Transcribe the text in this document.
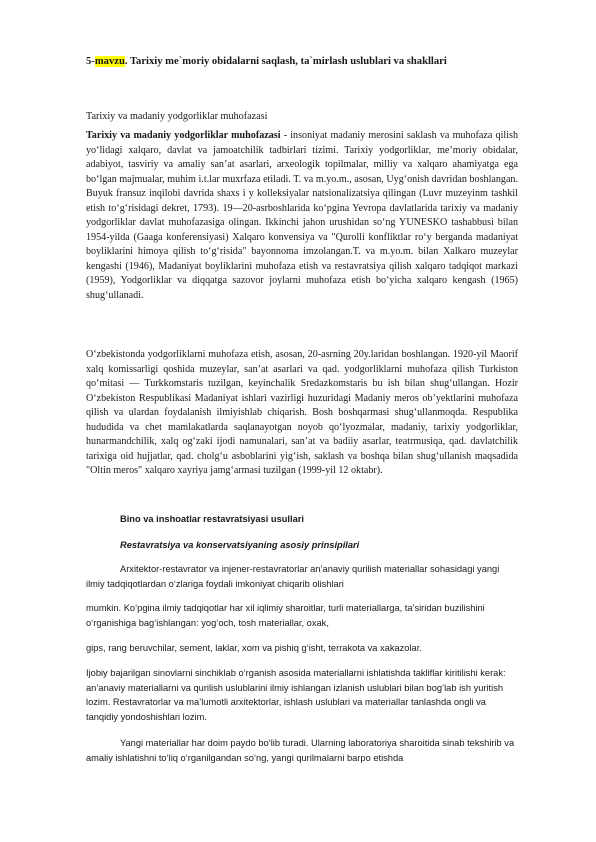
5-mavzu. Tarixiy me`moriy obidalarni saqlash, ta`mirlash uslublari va shakllari
Tarixiy va madaniy yodgorliklar muhofazasi

Tarixiy va madaniy yodgorliklar muhofazasi - insoniyat madaniy merosini saklash va muhofaza qilish yo‘lidagi xalqaro, davlat va jamoatchilik tadbirlari tizimi. Tarixiy yodgorliklar, me’moriy obidalar, adabiyot, tasviriy va amaliy san’at asarlari, arxeologik topilmalar, milliy va xalqaro ahamiyatga ega bo‘lgan majmualar, muhim i.t.lar muxrfaza etiladi. T. va m.yo.m., asosan, Uyg‘onish davridan boshlangan. Buyuk fransuz inqilobi davrida shaxs i y kolleksiyalar natsionalizatsiya qilingan (Luvr muzeyinm tashkil etish to‘g‘risidagi dekret, 1793). 19—20-asrboshlarida ko‘pgina Yevropa davlatlarida tarixiy va madaniy yodgorliklar davlat muhofazasiga olingan. Ikkinchi jahon urushidan so‘ng YUNESKO tashabbusi bilan 1954-yilda (Gaaga konferensiyasi) Xalqaro konvensiya va "Qurolli konfliktlar ro‘y berganda madaniyat boyliklarini himoya qilish to‘g‘risida" bayonnoma imzolangan.T. va m.yo.m. bilan Xalkaro muzeylar kengashi (1946), Madaniyat boyliklarini muhofaza etish va restavratsiya qilish xalqaro tadqiqot markazi (1959), Yodgorliklar va diqqatga sazovor joylarni muhofaza etish bo‘yicha xalqaro kengash (1965) shug‘ullanadi.

O‘zbekistonda yodgorliklarni muhofaza etish, asosan, 20-asrning 20y.laridan boshlangan. 1920-yil Maorif xalq komissarligi qoshida muzeylar, san’at asarlari va qad. yodgorliklarni muhofaza qilish Turkiston qo‘mitasi — Turkkomstaris tuzilgan, keyinchalik Sredazkomstaris bu ish bilan shug‘ullangan. Hozir O‘zbekiston Respublikasi Madaniyat ishlari vazirligi huzuridagi Madaniy meros ob’yektlarini muhofaza qilish va ulardan foydalanish ilmiyishlab chiqarish. Bosh boshqarmasi shug‘ullanmoqda. Respublika hududida va chet mamlakatlarda saqlanayotgan noyob qo‘lyozmalar, madaniy, tarixiy yodgorliklar, hunarmandchilik, xalq og‘zaki ijodi namunalari, san’at va badiiy asarlar, teatrmusiqa, qad. davlatchilik tarixiga oid hujjatlar, qad. cholg‘u asboblarini yig‘ish, saklash va boshqa bilan shug‘ullanish maqsadida "Oltin meros" xalqaro xayriya jamg‘armasi tuzilgan (1999-yil 12 oktabr).

Bino va inshoatlar restavratsiyasi usullari

Restavratsiya va konservatsiyaning asosiy prinsipilari

Arxitektor-restavrator va injener-restavratorlar an’anaviy qurilish materiallar sohasidagi yangi ilmiy tadqiqotlardan o‘zlariga foydali imkoniyat chiqarib olishlari

mumkin. Ko‘pgina ilmiy tadqiqotlar har xil iqlimiy sharoitlar, turli materiallarga, ta’siridan buzilishini o‘rganishiga bag‘ishlangan: yog‘och, tosh materiallar, oxak,

gips, rang beruvchilar, sement, laklar, xom va pishiq g‘isht, terrakota va xakazolar.

Ijobiy bajarilgan sinovlarni sinchiklab o‘rganish asosida materiallarni ishlatishda takliflar kiritilishi kerak: an’anaviy materiallarni va qurilish uslublarini ilmiy ishlangan izlanish uslublari bilan bog‘lab ish yuritish lozim. Restavratorlar va ma’lumotli arxitektorlar, ishlash uslublari va materiallar tanlashda ongli va tanqidiy yondoshishlari lozim.

Yangi materiallar har doim paydo bo‘lib turadi. Ularning laboratoriya sharoitida sinab tekshirib va amaliy ishlatishni to‘liq o‘rganilgandan so‘ng, yangi qurilmalarni barpo etishda
